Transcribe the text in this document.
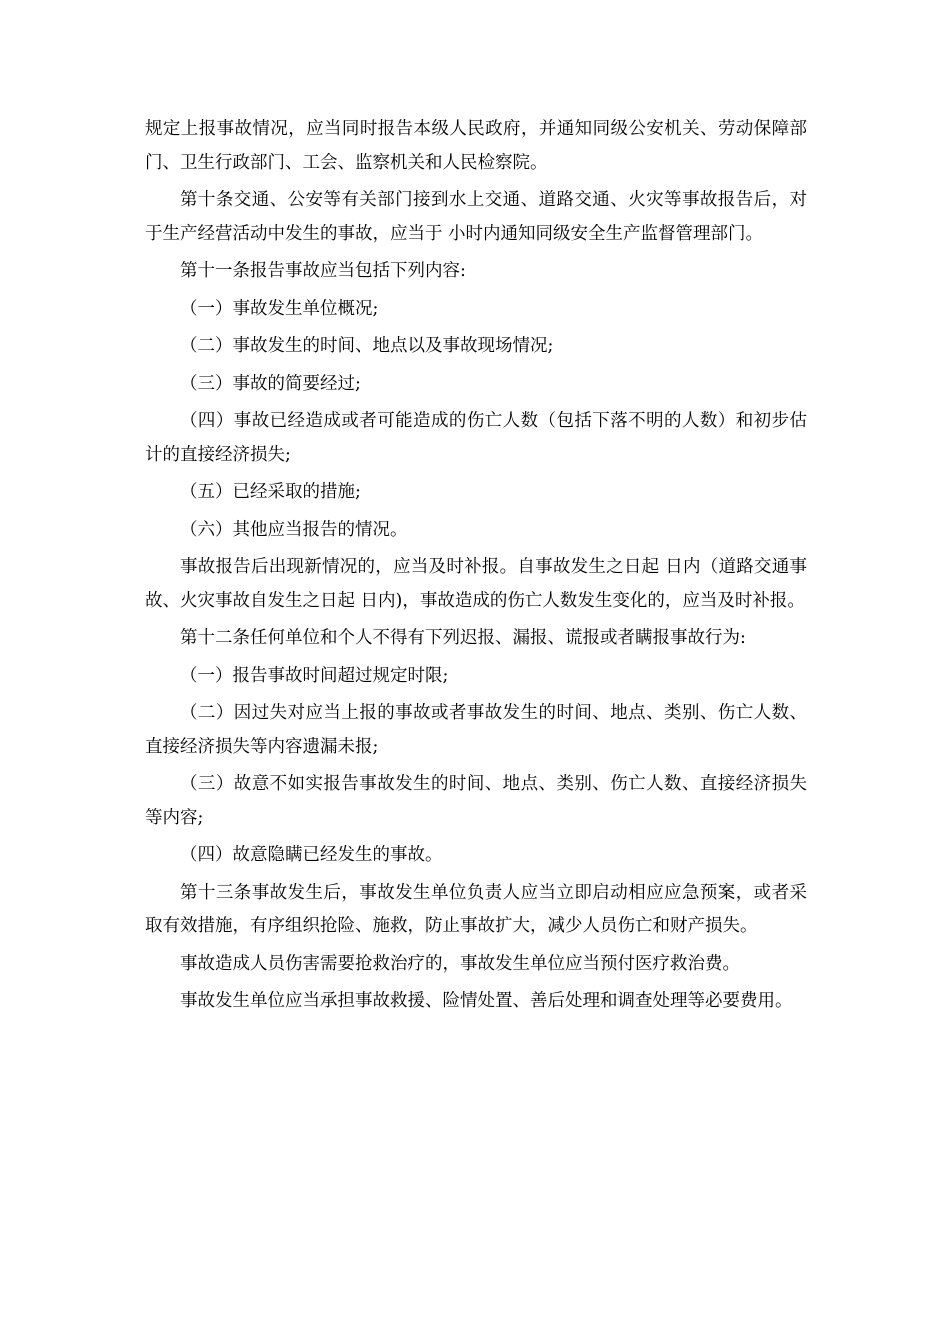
规定上报事故情况，应当同时报告本级人民政府，并通知同级公安机关、劳动保障部门、卫生行政部门、工会、监察机关和人民检察院。

第十条交通、公安等有关部门接到水上交通、道路交通、火灾等事故报告后，对于生产经营活动中发生的事故，应当于 小时内通知同级安全生产监督管理部门。

第十一条报告事故应当包括下列内容:

（一）事故发生单位概况;

（二）事故发生的时间、地点以及事故现场情况;

（三）事故的简要经过;

（四）事故已经造成或者可能造成的伤亡人数（包括下落不明的人数）和初步估计的直接经济损失;

（五）已经采取的措施;

（六）其他应当报告的情况。

事故报告后出现新情况的，应当及时补报。自事故发生之日起 日内（道路交通事故、火灾事故自发生之日起 日内)，事故造成的伤亡人数发生变化的，应当及时补报。

第十二条任何单位和个人不得有下列迟报、漏报、谎报或者瞒报事故行为:

（一）报告事故时间超过规定时限;

（二）因过失对应当上报的事故或者事故发生的时间、地点、类别、伤亡人数、直接经济损失等内容遗漏未报;

（三）故意不如实报告事故发生的时间、地点、类别、伤亡人数、直接经济损失等内容;

（四）故意隐瞒已经发生的事故。

第十三条事故发生后，事故发生单位负责人应当立即启动相应应急预案，或者采取有效措施，有序组织抢险、施救，防止事故扩大，减少人员伤亡和财产损失。

事故造成人员伤害需要抢救治疗的，事故发生单位应当预付医疗救治费。

事故发生单位应当承担事故救援、险情处置、善后处理和调查处理等必要费用。
